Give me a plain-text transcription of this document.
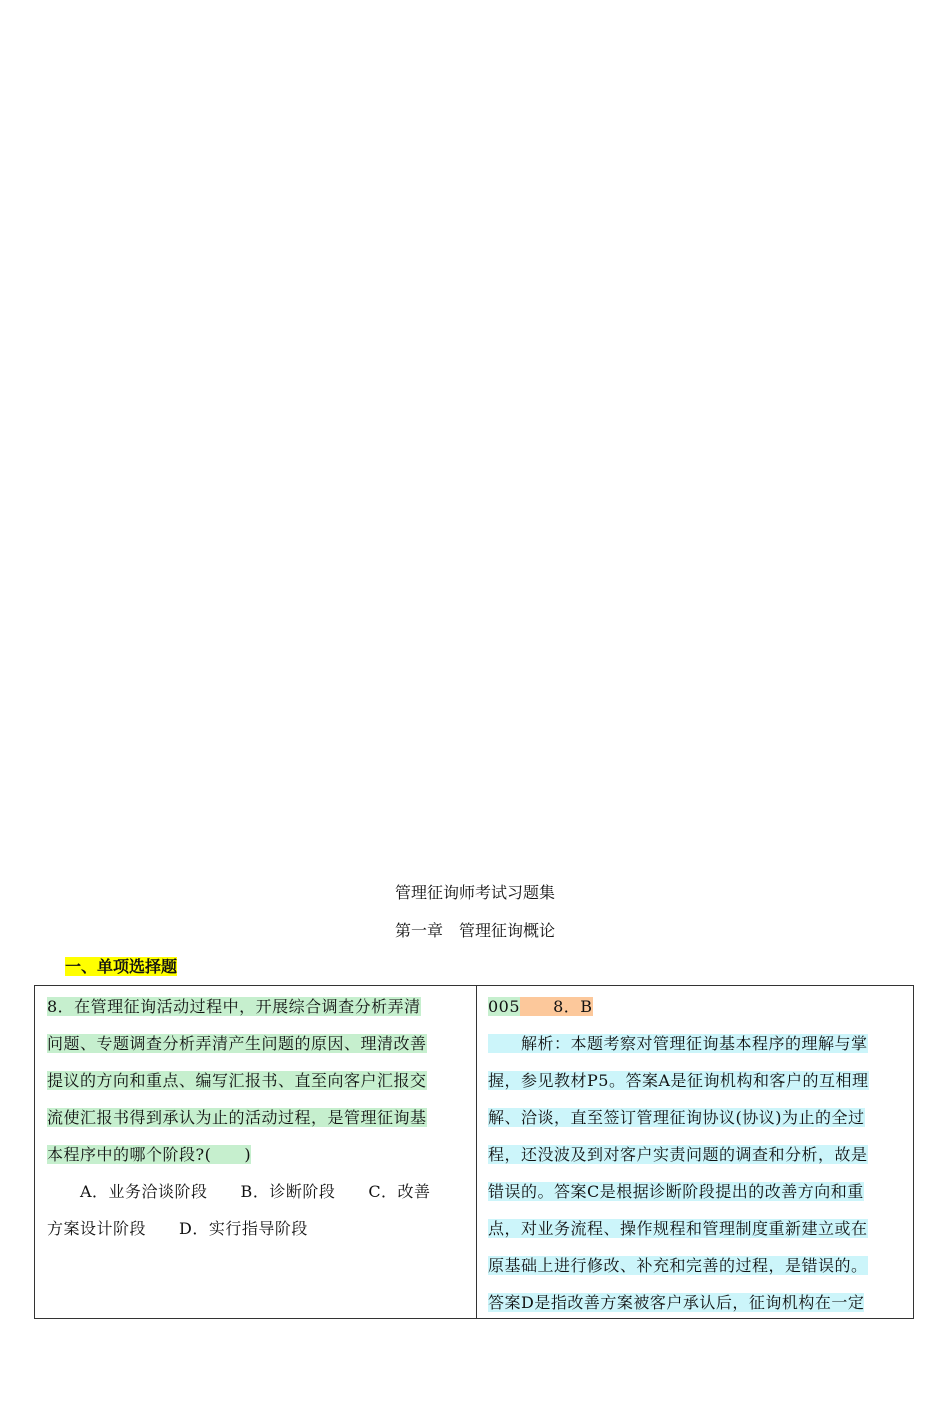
管理征询师考试习题集
第一章　管理征询概论
一、单项选择题
8．在管理征询活动过程中，开展综合调查分析弄清
问题、专题调查分析弄清产生问题的原因、理清改善
提议的方向和重点、编写汇报书、直至向客户汇报交
流使汇报书得到承认为止的活动过程，是管理征询基
本程序中的哪个阶段?(　　)
　　A．业务洽谈阶段　　B．诊断阶段　　C．改善
方案设计阶段　　D．实行指导阶段
005　　 8．B
　　解析：本题考察对管理征询基本程序的理解与掌
握，参见教材P5。答案A是征询机构和客户的互相理
解、洽谈，直至签订管理征询协议(协议)为止的全过
程，还没波及到对客户实责问题的调查和分析，故是
错误的。答案C是根据诊断阶段提出的改善方向和重
点，对业务流程、操作规程和管理制度重新建立或在
原基础上进行修改、补充和完善的过程，是错误的。
答案D是指改善方案被客户承认后，征询机构在一定
